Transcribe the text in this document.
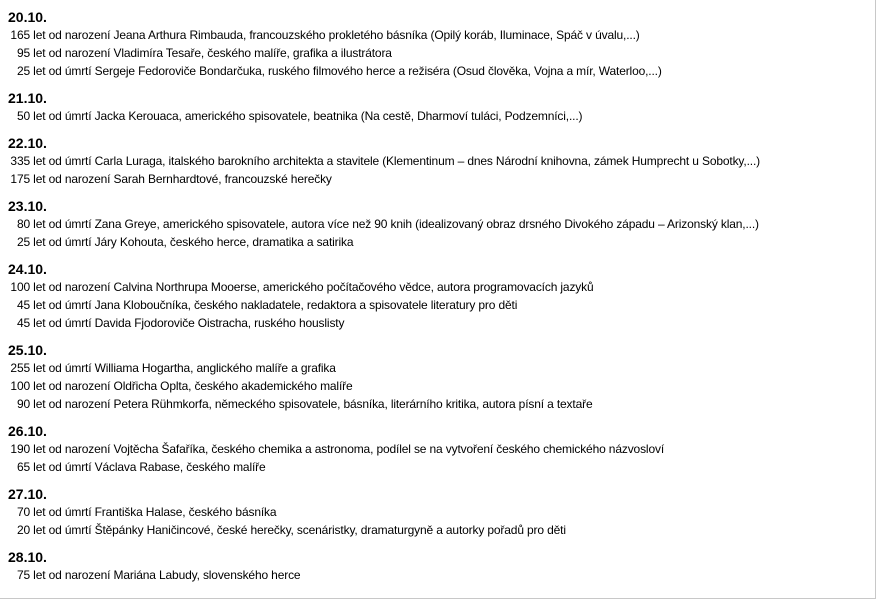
20.10.
165 let od narození Jeana Arthura Rimbauda, francouzského prokletého básníka (Opilý koráb, Iluminace, Spáč v úvalu,...)
95 let od narození Vladimíra Tesaře, českého malíře, grafika a ilustrátora
25 let od úmrtí Sergeje Fedorovіče Bondarčuka, ruského filmového herce a režiséra (Osud člověka, Vojna a mír, Waterloo,...)
21.10.
50 let od úmrtí Jacka Kerouaca, amerického spisovatele, beatnika (Na cestě, Dharmoví tuláci, Podzemníci,...)
22.10.
335 let od úmrtí Carla Luraga, italského barokního architekta a stavitele (Klementinum – dnes Národní knihovna, zámek Humprecht u Sobotky,...)
175 let od narození Sarah Bernhardtové, francouzské herečky
23.10.
80 let od úmrtí Zana Greye, amerického spisovatele, autora více než 90 knih (idealizovaný obraz drsného Divokého západu – Arizonský klan,...)
25 let od úmrtí Járy Kohouta, českého herce, dramatika a satirika
24.10.
100 let od narození Calvina Northrupa Mooerse, amerického počítačového vědce, autora programovacích jazyků
45 let od úmrtí Jana Kloboučníka, českého nakladatele, redaktora a spisovatele literatury pro děti
45 let od úmrtí Davida Fjodorovіče Oistracha, ruského houslisty
25.10.
255 let od úmrtí Williama Hogartha, anglického malíře a grafika
100 let od narození Oldřicha Oplta, českého akademického malíře
90 let od narození Petera Rühmkorfa, německého spisovatele, básníka, literárního kritika, autora písní a textaře
26.10.
190 let od narození Vojtěcha Šafaříka, českého chemika a astronoma, podílel se na vytvoření českého chemického názvosloví
65 let od úmrtí Václava Rabase, českého malíře
27.10.
70 let od úmrtí Františka Halase, českého básníka
20 let od úmrtí Štěpánky Haničincové, české herečky, scenáristky, dramaturgyně a autorky pořadů pro děti
28.10.
75 let od narození Mariána Labudy, slovenského herce
